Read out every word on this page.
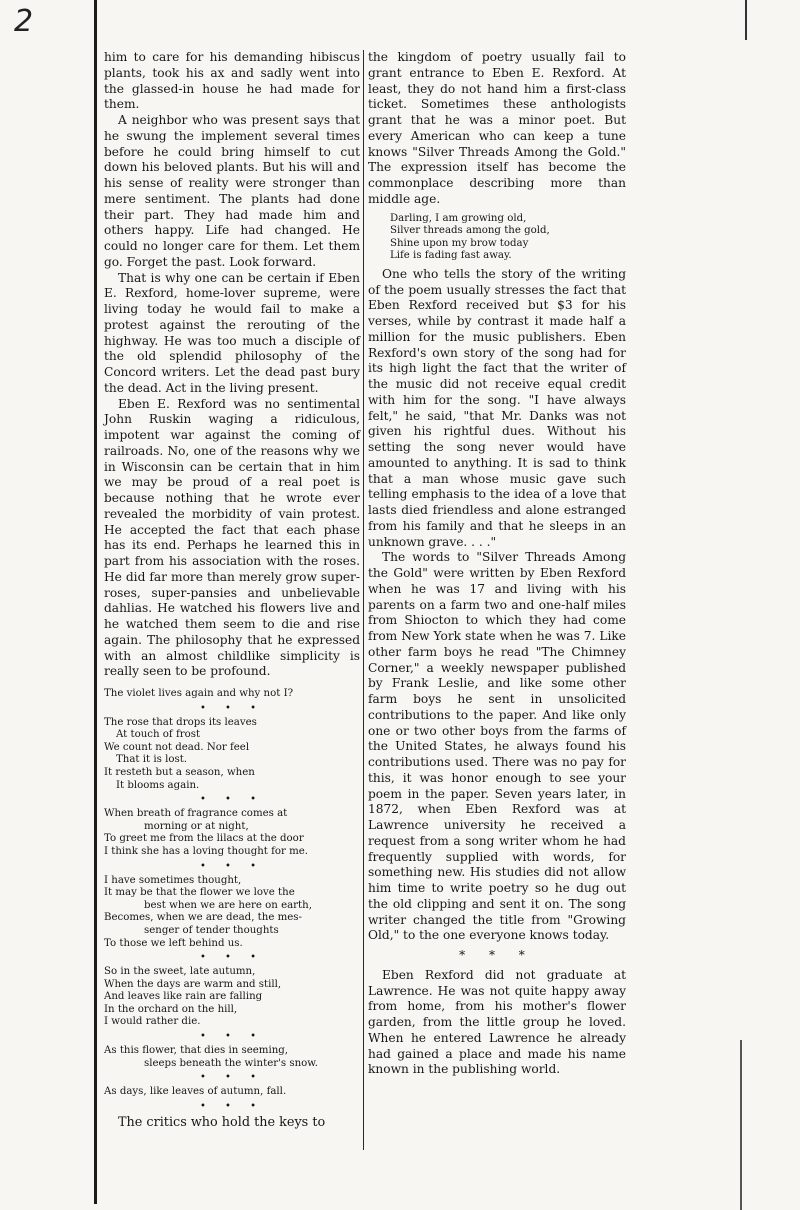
2

him to care for his demanding hibiscus plants, took his ax and sadly went into the glassed-in house he had made for them.

A neighbor who was present says that he swung the implement several times before he could bring himself to cut down his beloved plants. But his will and his sense of reality were stronger than mere sentiment. The plants had done their part. They had made him and others happy. Life had changed. He could no longer care for them. Let them go. Forget the past. Look forward.

That is why one can be certain if Eben E. Rexford, home-lover supreme, were living today he would fail to make a protest against the rerouting of the highway. He was too much a disciple of the old splendid philosophy of the Concord writers. Let the dead past bury the dead. Act in the living present.

Eben E. Rexford was no sentimental John Ruskin waging a ridiculous, impotent war against the coming of railroads. No, one of the reasons why we in Wisconsin can be certain that in him we may be proud of a real poet is because nothing that he wrote ever revealed the morbidity of vain protest. He accepted the fact that each phase has its end. Perhaps he learned this in part from his association with the roses. He did far more than merely grow super-roses, super-pansies and unbelievable dahlias. He watched his flowers live and he watched them seem to die and rise again. The philosophy that he expressed with an almost childlike simplicity is really seen to be profound.

The violet lives again and why not I?
• • •
The rose that drops its leaves
At touch of frost
We count not dead. Nor feel
That it is lost.
It resteth but a season, when
It blooms again.
• • •
When breath of fragrance comes at
morning or at night,
To greet me from the lilacs at the door
I think she has a loving thought for me.
• • •
I have sometimes thought,
It may be that the flower we love the
best when we are here on earth,
Becomes, when we are dead, the mes-
senger of tender thoughts
To those we left behind us.
• • •
So in the sweet, late autumn,
When the days are warm and still,
And leaves like rain are falling
In the orchard on the hill,
I would rather die.
• • •
As this flower, that dies in seeming,
sleeps beneath the winter's snow.
• • •
As days, like leaves of autumn, fall.
• • •

The critics who hold the keys to

the kingdom of poetry usually fail to grant entrance to Eben E. Rexford. At least, they do not hand him a first-class ticket. Sometimes these anthologists grant that he was a minor poet. But every American who can keep a tune knows "Silver Threads Among the Gold." The expression itself has become the commonplace describing more than middle age.

Darling, I am growing old,
Silver threads among the gold,
Shine upon my brow today
Life is fading fast away.

One who tells the story of the writing of the poem usually stresses the fact that Eben Rexford received but $3 for his verses, while by contrast it made half a million for the music publishers. Eben Rexford's own story of the song had for its high light the fact that the writer of the music did not receive equal credit with him for the song. "I have always felt," he said, "that Mr. Danks was not given his rightful dues. Without his setting the song never would have amounted to anything. It is sad to think that a man whose music gave such telling emphasis to the idea of a love that lasts died friendless and alone estranged from his family and that he sleeps in an unknown grave. . . ."

The words to "Silver Threads Among the Gold" were written by Eben Rexford when he was 17 and living with his parents on a farm two and one-half miles from Shiocton to which they had come from New York state when he was 7. Like other farm boys he read "The Chimney Corner," a weekly newspaper published by Frank Leslie, and like some other farm boys he sent in unsolicited contributions to the paper. And like only one or two other boys from the farms of the United States, he always found his contributions used. There was no pay for this, it was honor enough to see your poem in the paper. Seven years later, in 1872, when Eben Rexford was at Lawrence university he received a request from a song writer whom he had frequently supplied with words, for something new. His studies did not allow him time to write poetry so he dug out the old clipping and sent it on. The song writer changed the title from "Growing Old," to the one everyone knows today.

* * *

Eben Rexford did not graduate at Lawrence. He was not quite happy away from home, from his mother's flower garden, from the little group he loved. When he entered Lawrence he already had gained a place and made his name known in the publishing world.
